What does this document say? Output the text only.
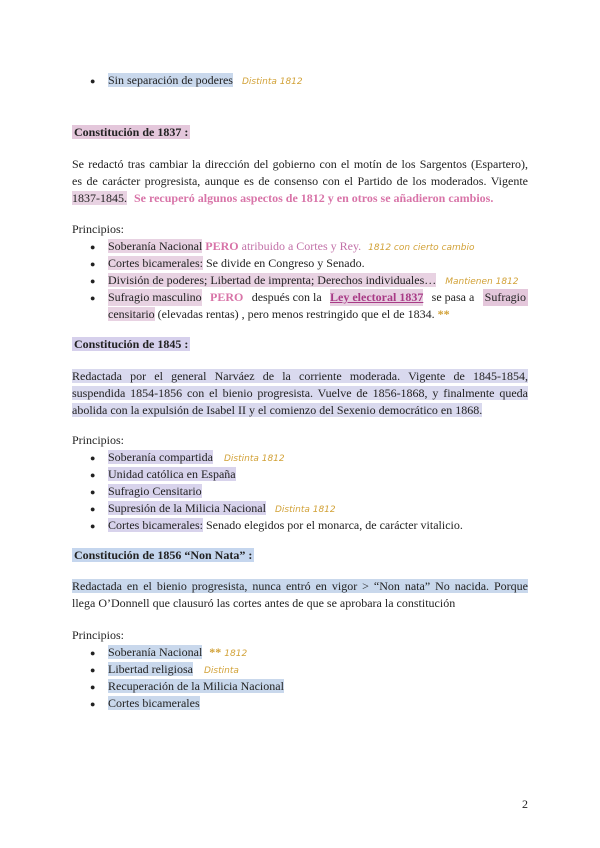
● Sin separación de poderes Distinta 1812
Constitución de 1837 :
Se redactó tras cambiar la dirección del gobierno con el motín de los Sargentos (Espartero),
es de carácter progresista, aunque es de consenso con el Partido de los moderados. Vigente
1837-1845. Se recuperó algunos aspectos de 1812 y en otros se añadieron cambios.
Principios:
● Soberanía Nacional PERO atribuido a Cortes y Rey. 1812 con cierto cambio
● Cortes bicamerales: Se divide en Congreso y Senado.
● División de poderes; Libertad de imprenta; Derechos individuales… Mantienen 1812
● Sufragio masculino PERO después con la Ley electoral 1837 se pasa a Sufragio
censitario (elevadas rentas) , pero menos restringido que el de 1834. **
Constitución de 1845 :
Redactada por el general Narváez de la corriente moderada. Vigente de 1845-1854,
suspendida 1854-1856 con el bienio progresista. Vuelve de 1856-1868, y finalmente queda
abolida con la expulsión de Isabel II y el comienzo del Sexenio democrático en 1868.
Principios:
● Soberanía compartida Distinta 1812
● Unidad católica en España
● Sufragio Censitario
● Supresión de la Milicia Nacional Distinta 1812
● Cortes bicamerales: Senado elegidos por el monarca, de carácter vitalicio.
Constitución de 1856 “Non Nata” :
Redactada en el bienio progresista, nunca entró en vigor > “Non nata” No nacida. Porque
llega O’Donnell que clausuró las cortes antes de que se aprobara la constitución
Principios:
● Soberanía Nacional ** 1812
● Libertad religiosa Distinta
● Recuperación de la Milicia Nacional
● Cortes bicamerales
2
